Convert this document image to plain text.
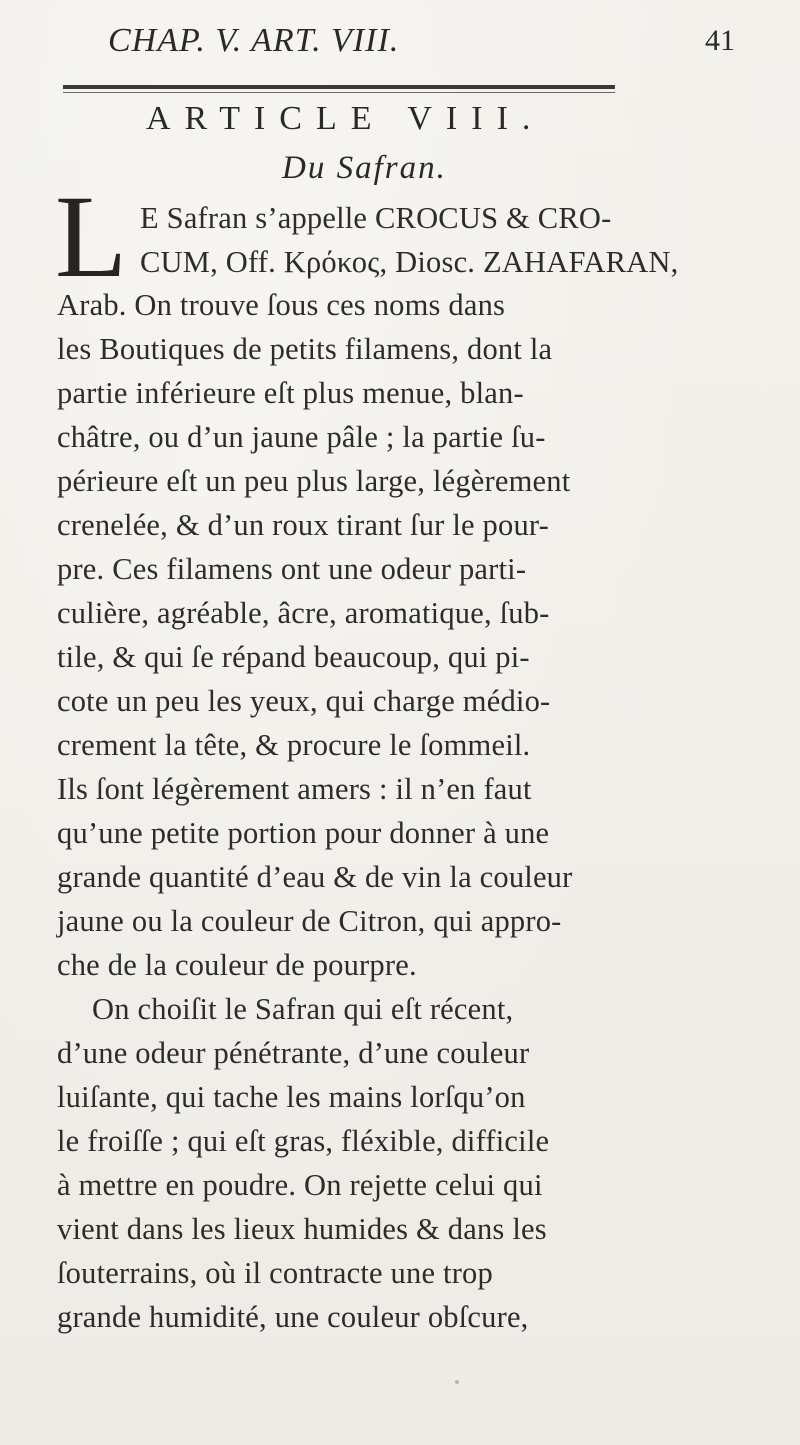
CHAP. V. ART. VIII.	41
ARTICLE VIII.
Du Safran.
L E Safran s’appelle CROCUS & CRO-
CUM, Off. Κρόκος, Diosc. ZAHAFARAN,
Arab. On trouve ſous ces noms dans
les Boutiques de petits filamens, dont la
partie inférieure eſt plus menue, blan-
châtre, ou d’un jaune pâle ; la partie ſu-
périeure eſt un peu plus large, légèrement
crenelée, & d’un roux tirant ſur le pour-
pre. Ces filamens ont une odeur parti-
culière, agréable, âcre, aromatique, ſub-
tile, & qui ſe répand beaucoup, qui pi-
cote un peu les yeux, qui charge médio-
crement la tête, & procure le ſommeil.
Ils ſont légèrement amers : il n’en faut
qu’une petite portion pour donner à une
grande quantité d’eau & de vin la couleur
jaune ou la couleur de Citron, qui appro-
che de la couleur de pourpre.
On choiſit le Safran qui eſt récent,
d’une odeur pénétrante, d’une couleur
luiſante, qui tache les mains lorſqu’on
le froiſſe ; qui eſt gras, fléxible, difficile
à mettre en poudre. On rejette celui qui
vient dans les lieux humides & dans les
ſouterrains, où il contracte une trop
grande humidité, une couleur obſcure,
